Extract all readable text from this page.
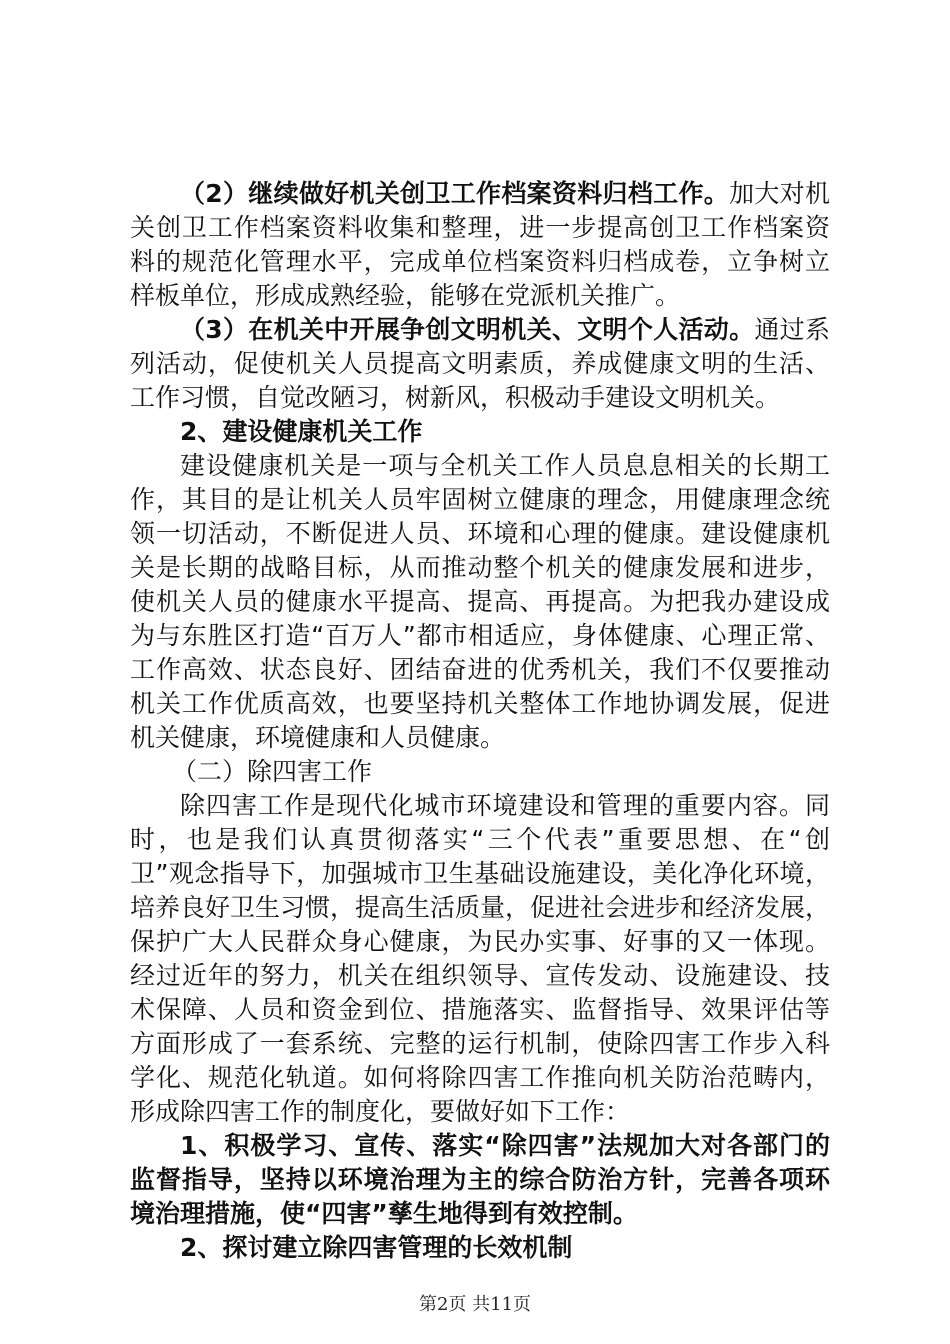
（2）继续做好机关创卫工作档案资料归档工作。加大对机
关创卫工作档案资料收集和整理，进一步提高创卫工作档案资
料的规范化管理水平，完成单位档案资料归档成卷，立争树立
样板单位，形成成熟经验，能够在党派机关推广。
（3）在机关中开展争创文明机关、文明个人活动。通过系
列活动，促使机关人员提高文明素质，养成健康文明的生活、
工作习惯，自觉改陋习，树新风，积极动手建设文明机关。
2、建设健康机关工作
建设健康机关是一项与全机关工作人员息息相关的长期工
作，其目的是让机关人员牢固树立健康的理念，用健康理念统
领一切活动，不断促进人员、环境和心理的健康。建设健康机
关是长期的战略目标，从而推动整个机关的健康发展和进步，
使机关人员的健康水平提高、提高、再提高。为把我办建设成
为与东胜区打造“百万人”都市相适应，身体健康、心理正常、
工作高效、状态良好、团结奋进的优秀机关，我们不仅要推动
机关工作优质高效，也要坚持机关整体工作地协调发展，促进
机关健康，环境健康和人员健康。
（二）除四害工作
除四害工作是现代化城市环境建设和管理的重要内容。同
时，也是我们认真贯彻落实“三个代表”重要思想、在“创
卫”观念指导下，加强城市卫生基础设施建设，美化净化环境，
培养良好卫生习惯，提高生活质量，促进社会进步和经济发展，
保护广大人民群众身心健康，为民办实事、好事的又一体现。
经过近年的努力，机关在组织领导、宣传发动、设施建设、技
术保障、人员和资金到位、措施落实、监督指导、效果评估等
方面形成了一套系统、完整的运行机制，使除四害工作步入科
学化、规范化轨道。如何将除四害工作推向机关防治范畴内，
形成除四害工作的制度化，要做好如下工作：
1、积极学习、宣传、落实“除四害”法规加大对各部门的
监督指导，坚持以环境治理为主的综合防治方针，完善各项环
境治理措施，使“四害”孳生地得到有效控制。
2、探讨建立除四害管理的长效机制
第2页 共11页
